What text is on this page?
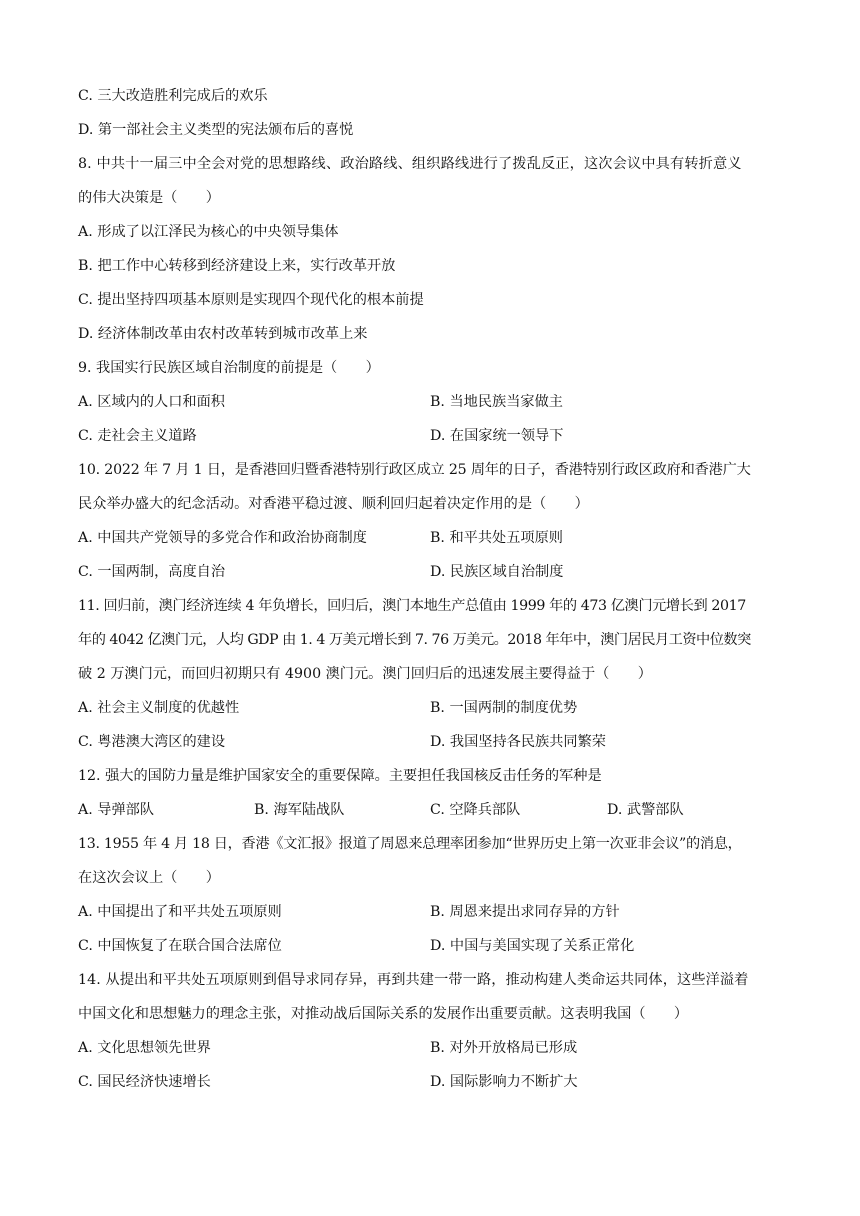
C. 三大改造胜利完成后的欢乐
D. 第一部社会主义类型的宪法颁布后的喜悦
8. 中共十一届三中全会对党的思想路线、政治路线、组织路线进行了拨乱反正，这次会议中具有转折意义
的伟大决策是（　　）
A. 形成了以江泽民为核心的中央领导集体
B. 把工作中心转移到经济建设上来，实行改革开放
C. 提出坚持四项基本原则是实现四个现代化的根本前提
D. 经济体制改革由农村改革转到城市改革上来
9. 我国实行民族区域自治制度的前提是（　　）
A. 区域内的人口和面积	B. 当地民族当家做主
C. 走社会主义道路	D. 在国家统一领导下
10. 2022 年 7 月 1 日，是香港回归暨香港特别行政区成立 25 周年的日子，香港特别行政区政府和香港广大
民众举办盛大的纪念活动。对香港平稳过渡、顺利回归起着决定作用的是（　　）
A. 中国共产党领导的多党合作和政治协商制度	B. 和平共处五项原则
C. 一国两制，高度自治	D. 民族区域自治制度
11. 回归前，澳门经济连续 4 年负增长，回归后，澳门本地生产总值由 1999 年的 473 亿澳门元增长到 2017
年的 4042 亿澳门元，人均 GDP 由 1. 4 万美元增长到 7. 76 万美元。2018 年年中，澳门居民月工资中位数突
破 2 万澳门元，而回归初期只有 4900 澳门元。澳门回归后的迅速发展主要得益于（　　）
A. 社会主义制度的优越性	B. 一国两制的制度优势
C. 粤港澳大湾区的建设	D. 我国坚持各民族共同繁荣
12. 强大的国防力量是维护国家安全的重要保障。主要担任我国核反击任务的军种是
A. 导弹部队	B. 海军陆战队	C. 空降兵部队	D. 武警部队
13. 1955 年 4 月 18 日，香港《文汇报》报道了周恩来总理率团参加“世界历史上第一次亚非会议”的消息，
在这次会议上（　　）
A. 中国提出了和平共处五项原则	B. 周恩来提出求同存异的方针
C. 中国恢复了在联合国合法席位	D. 中国与美国实现了关系正常化
14. 从提出和平共处五项原则到倡导求同存异，再到共建一带一路，推动构建人类命运共同体，这些洋溢着
中国文化和思想魅力的理念主张，对推动战后国际关系的发展作出重要贡献。这表明我国（　　）
A. 文化思想领先世界	B. 对外开放格局已形成
C. 国民经济快速增长	D. 国际影响力不断扩大
